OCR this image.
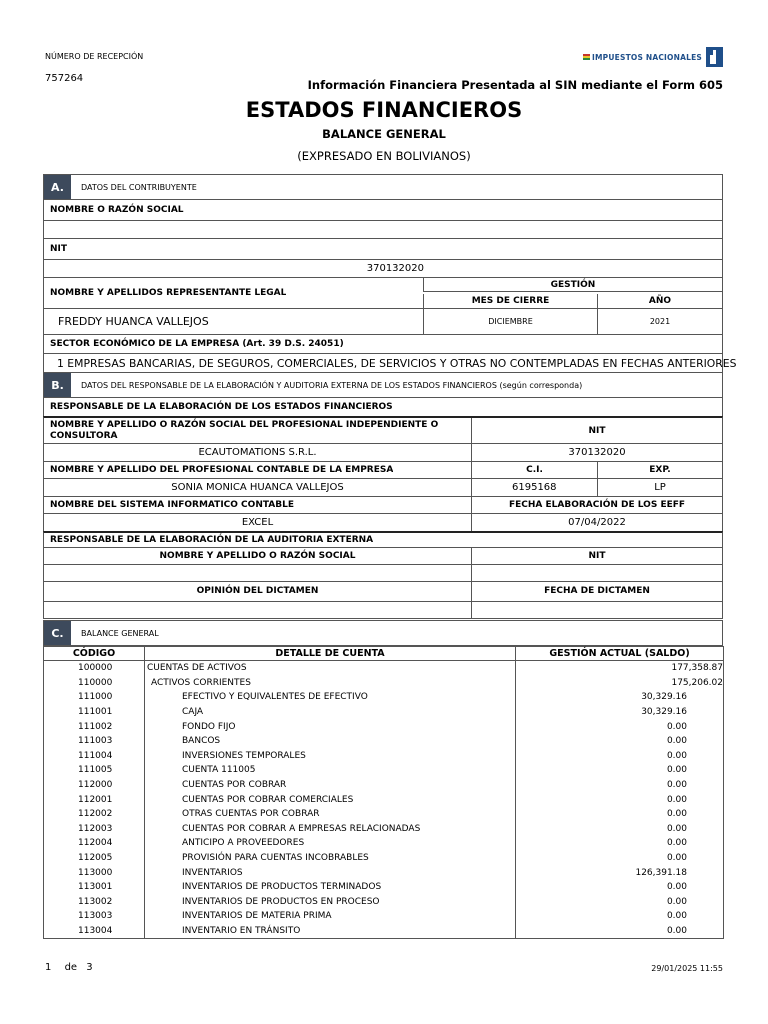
NÚMERO DE RECEPCIÓN
757264
IMPUESTOS NACIONALES
Información Financiera Presentada al SIN mediante el Form 605
ESTADOS FINANCIEROS
BALANCE GENERAL
(EXPRESADO EN BOLIVIANOS)
A.	DATOS DEL CONTRIBUYENTE
NOMBRE O RAZÓN SOCIAL
NIT
370132020
NOMBRE Y APELLIDOS REPRESENTANTE LEGAL
GESTIÓN
MES DE CIERRE	AÑO
FREDDY HUANCA VALLEJOS	DICIEMBRE	2021
SECTOR ECONÓMICO DE LA EMPRESA (Art. 39 D.S. 24051)
1 EMPRESAS BANCARIAS, DE SEGUROS, COMERCIALES, DE SERVICIOS Y OTRAS NO CONTEMPLADAS EN FECHAS ANTERIORES
B.	DATOS DEL RESPONSABLE DE LA ELABORACIÓN Y AUDITORIA EXTERNA DE LOS ESTADOS FINANCIEROS (según corresponda)
RESPONSABLE DE LA ELABORACIÓN DE LOS ESTADOS FINANCIEROS
NOMBRE Y APELLIDO O RAZÓN SOCIAL DEL PROFESIONAL INDEPENDIENTE O CONSULTORA	NIT
ECAUTOMATIONS S.R.L.	370132020
NOMBRE Y APELLIDO DEL PROFESIONAL CONTABLE DE LA EMPRESA	C.I.	EXP.
SONIA MONICA HUANCA VALLEJOS	6195168	LP
NOMBRE DEL SISTEMA INFORMATICO CONTABLE	FECHA ELABORACIÓN DE LOS EEFF
EXCEL	07/04/2022
RESPONSABLE DE LA ELABORACIÓN DE LA AUDITORIA EXTERNA
NOMBRE Y APELLIDO O RAZÓN SOCIAL	NIT
OPINIÓN DEL DICTAMEN	FECHA DE DICTAMEN
C.	BALANCE GENERAL
CÓDIGO	DETALLE DE CUENTA	GESTIÓN ACTUAL (SALDO)
100000	CUENTAS DE ACTIVOS	177,358.87
110000	ACTIVOS CORRIENTES	175,206.02
111000	EFECTIVO Y EQUIVALENTES DE EFECTIVO	30,329.16
111001	CAJA	30,329.16
111002	FONDO FIJO	0.00
111003	BANCOS	0.00
111004	INVERSIONES TEMPORALES	0.00
111005	CUENTA 111005	0.00
112000	CUENTAS POR COBRAR	0.00
112001	CUENTAS POR COBRAR COMERCIALES	0.00
112002	OTRAS CUENTAS POR COBRAR	0.00
112003	CUENTAS POR COBRAR A EMPRESAS RELACIONADAS	0.00
112004	ANTICIPO A PROVEEDORES	0.00
112005	PROVISIÓN PARA CUENTAS INCOBRABLES	0.00
113000	INVENTARIOS	126,391.18
113001	INVENTARIOS DE PRODUCTOS TERMINADOS	0.00
113002	INVENTARIOS DE PRODUCTOS EN PROCESO	0.00
113003	INVENTARIOS DE MATERIA PRIMA	0.00
113004	INVENTARIO EN TRÁNSITO	0.00
1 de 3	29/01/2025 11:55
